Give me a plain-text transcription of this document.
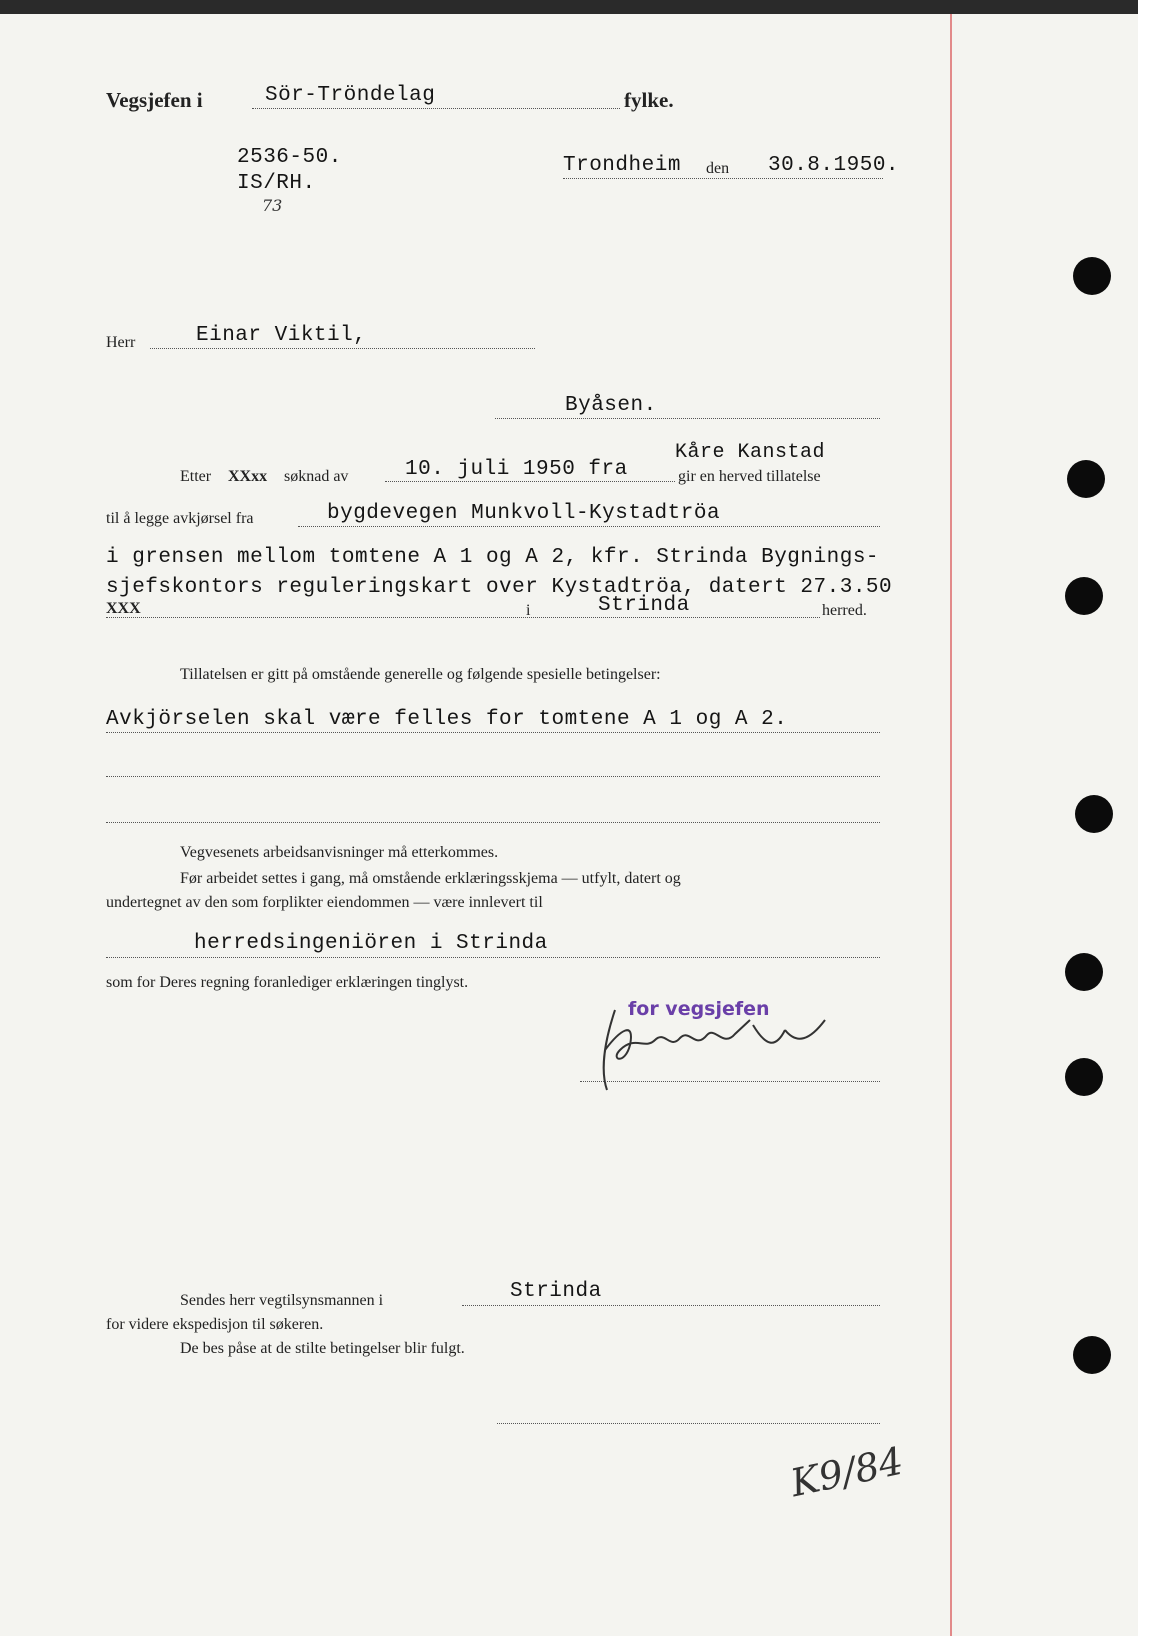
Vegsjefen i	Sör-Tröndelag	fylke.
2536-50.
IS/RH.
73
Trondheim den 30.8.1950.
Herr	Einar Viktil,
Byåsen.
Etter XXxx søknad av	10. juli 1950 fra
Kåre Kanstad
gir en herved tillatelse
til å legge avkjørsel fra	bygdevegen Munkvoll-Kystadtröa
i grensen mellom tomtene A 1 og A 2, kfr. Strinda Bygnings-
sjefskontors reguleringskart over Kystadtröa, datert 27.3.50
XXX	i	Strinda	herred.
Tillatelsen er gitt på omstående generelle og følgende spesielle betingelser:
Avkjörselen skal være felles for tomtene A 1 og A 2.
Vegvesenets arbeidsanvisninger må etterkommes.
Før arbeidet settes i gang, må omstående erklæringsskjema — utfylt, datert og
undertegnet av den som forplikter eiendommen — være innlevert til
herredsingeniören i Strinda
som for Deres regning foranlediger erklæringen tinglyst.
for vegsjefen
Sendes herr vegtilsynsmannen i	Strinda
for videre ekspedisjon til søkeren.
De bes påse at de stilte betingelser blir fulgt.
K9/84
